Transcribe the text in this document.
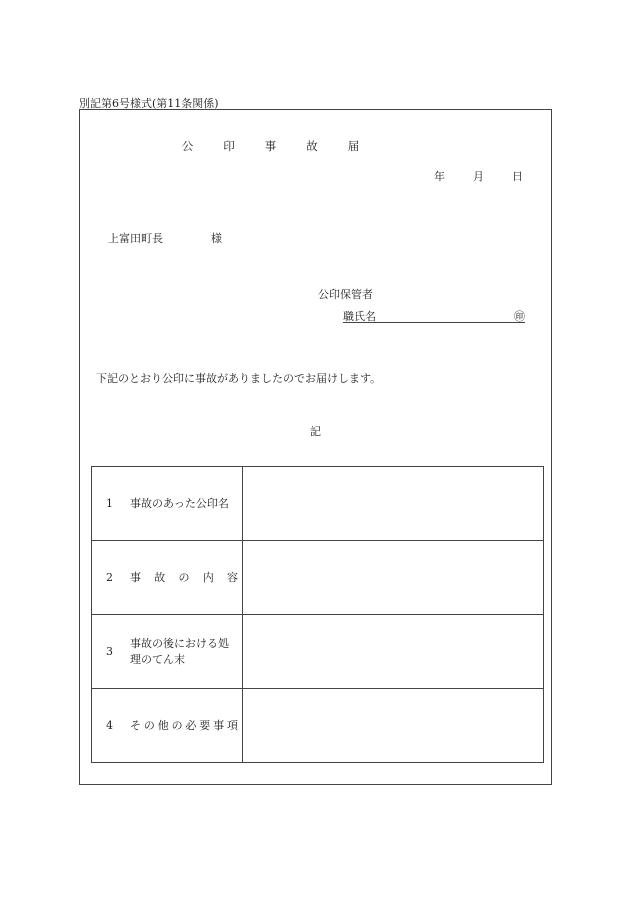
別記第6号様式(第11条関係)
公印事故届
年	月	日
上富田町長	様
公印保管者
職氏名	㊞
下記のとおり公印に事故がありましたのでお届けします。
記
1 事故のあった公印名	

2 事故の内容	

3
事故の後における処理のてん末	

4 その他の必要事項	
